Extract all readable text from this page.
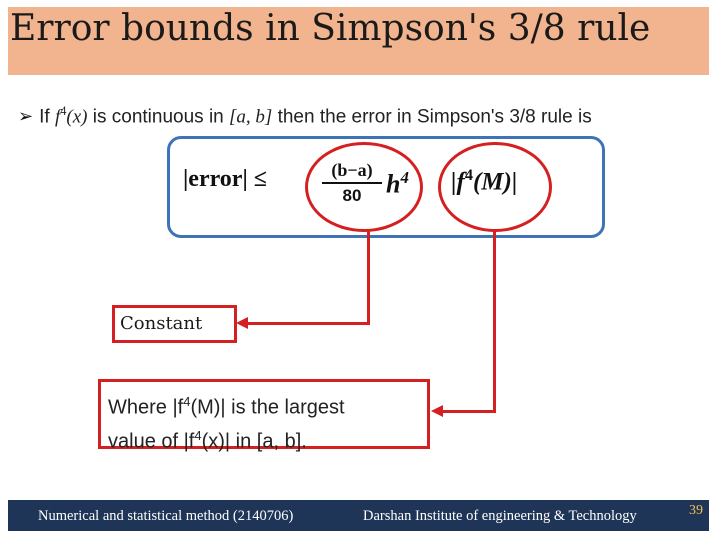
Error bounds in Simpson's 3/8 rule
➢ If $f^4(x)$ is continuous in [a, b] then the error in Simpson's 3/8 rule is
|error| ≤	$\frac{(b-a)}{80} h^4$ $|f^4(M)|$
Constant
Where $|f^4(M)|$ is the largest
value of $|f^4(x)|$ in [a, b].
Numerical and statistical method (2140706)	Darshan Institute of engineering & Technology	39
